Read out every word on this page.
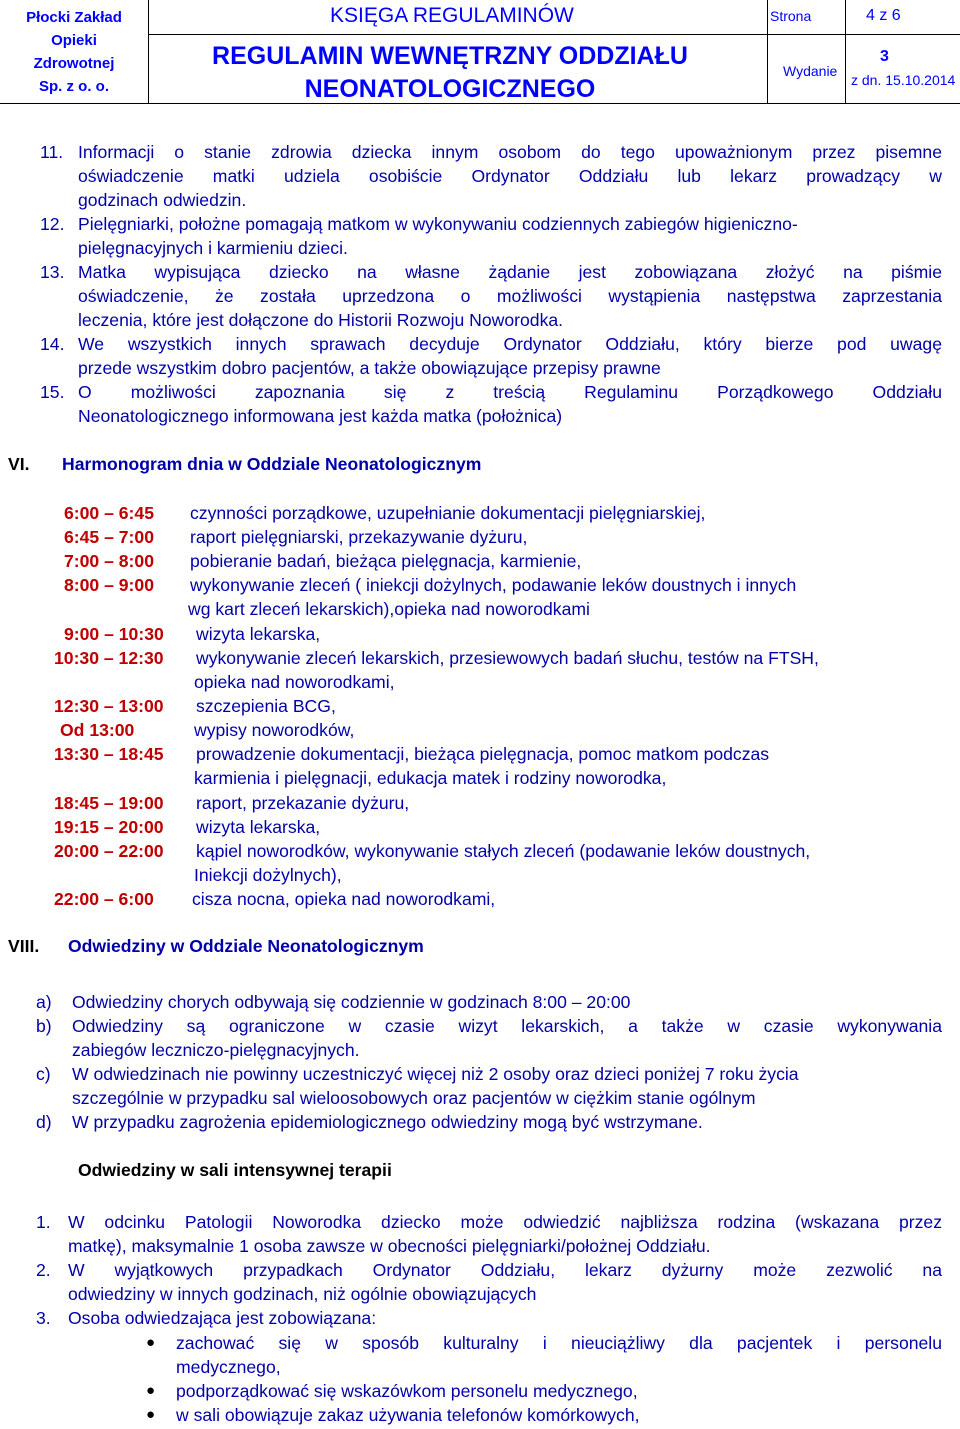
Płocki Zakład
Opieki
Zdrowotnej
Sp. z o. o.
KSIĘGA REGULAMINÓW
REGULAMIN WEWNĘTRZNY ODDZIAŁU
NEONATOLOGICZNEGO
Strona	4 z 6
Wydanie
3
z dn. 15.10.2014
11. Informacji o stanie zdrowia dziecka innym osobom do tego upoważnionym przez pisemne
oświadczenie matki udziela osobiście Ordynator Oddziału lub lekarz prowadzący w
godzinach odwiedzin.
12. Pielęgniarki, położne pomagają matkom w wykonywaniu codziennych zabiegów higieniczno-
pielęgnacyjnych i karmieniu dzieci.
13. Matka wypisująca dziecko na własne żądanie jest zobowiązana złożyć na piśmie
oświadczenie, że została uprzedzona o możliwości wystąpienia następstwa zaprzestania
leczenia, które jest dołączone do Historii Rozwoju Noworodka.
14. We wszystkich innych sprawach decyduje Ordynator Oddziału, który bierze pod uwagę
przede wszystkim dobro pacjentów, a także obowiązujące przepisy prawne
15. O możliwości zapoznania się z treścią Regulaminu Porządkowego Oddziału
Neonatologicznego informowana jest każda matka (położnica)
VI. Harmonogram dnia w Oddziale Neonatologicznym
6:00 – 6:45 czynności porządkowe, uzupełnianie dokumentacji pielęgniarskiej,
6:45 – 7:00 raport pielęgniarski, przekazywanie dyżuru,
7:00 – 8:00 pobieranie badań, bieżąca pielęgnacja, karmienie,
8:00 – 9:00 wykonywanie zleceń ( iniekcji dożylnych, podawanie leków doustnych i innych
wg kart zleceń lekarskich),opieka nad noworodkami
9:00 – 10:30 wizyta lekarska,
10:30 – 12:30 wykonywanie zleceń lekarskich, przesiewowych badań słuchu, testów na FTSH,
opieka nad noworodkami,
12:30 – 13:00 szczepienia BCG,
Od 13:00	wypisy noworodków,
13:30 – 18:45 prowadzenie dokumentacji, bieżąca pielęgnacja, pomoc matkom podczas
karmienia i pielęgnacji, edukacja matek i rodziny noworodka,
18:45 – 19:00 raport, przekazanie dyżuru,
19:15 – 20:00 wizyta lekarska,
20:00 – 22:00 kąpiel noworodków, wykonywanie stałych zleceń (podawanie leków doustnych,
Iniekcji dożylnych),
22:00 – 6:00 cisza nocna, opieka nad noworodkami,
VIII. Odwiedziny w Oddziale Neonatologicznym
a) Odwiedziny chorych odbywają się codziennie w godzinach 8:00 – 20:00
b) Odwiedziny są ograniczone w czasie wizyt lekarskich, a także w czasie wykonywania
zabiegów leczniczo-pielęgnacyjnych.
c) W odwiedzinach nie powinny uczestniczyć więcej niż 2 osoby oraz dzieci poniżej 7 roku życia
szczególnie w przypadku sal wieloosobowych oraz pacjentów w ciężkim stanie ogólnym
d) W przypadku zagrożenia epidemiologicznego odwiedziny mogą być wstrzymane.
Odwiedziny w sali intensywnej terapii
1. W odcinku Patologii Noworodka dziecko może odwiedzić najbliższa rodzina (wskazana przez
matkę), maksymalnie 1 osoba zawsze w obecności pielęgniarki/położnej Oddziału.
2. W wyjątkowych przypadkach Ordynator Oddziału, lekarz dyżurny może zezwolić na
odwiedziny w innych godzinach, niż ogólnie obowiązujących
3. Osoba odwiedzająca jest zobowiązana:
● zachować się w sposób kulturalny i nieuciążliwy dla pacjentek i personelu
medycznego,
● podporządkować się wskazówkom personelu medycznego,
● w sali obowiązuje zakaz używania telefonów komórkowych,
